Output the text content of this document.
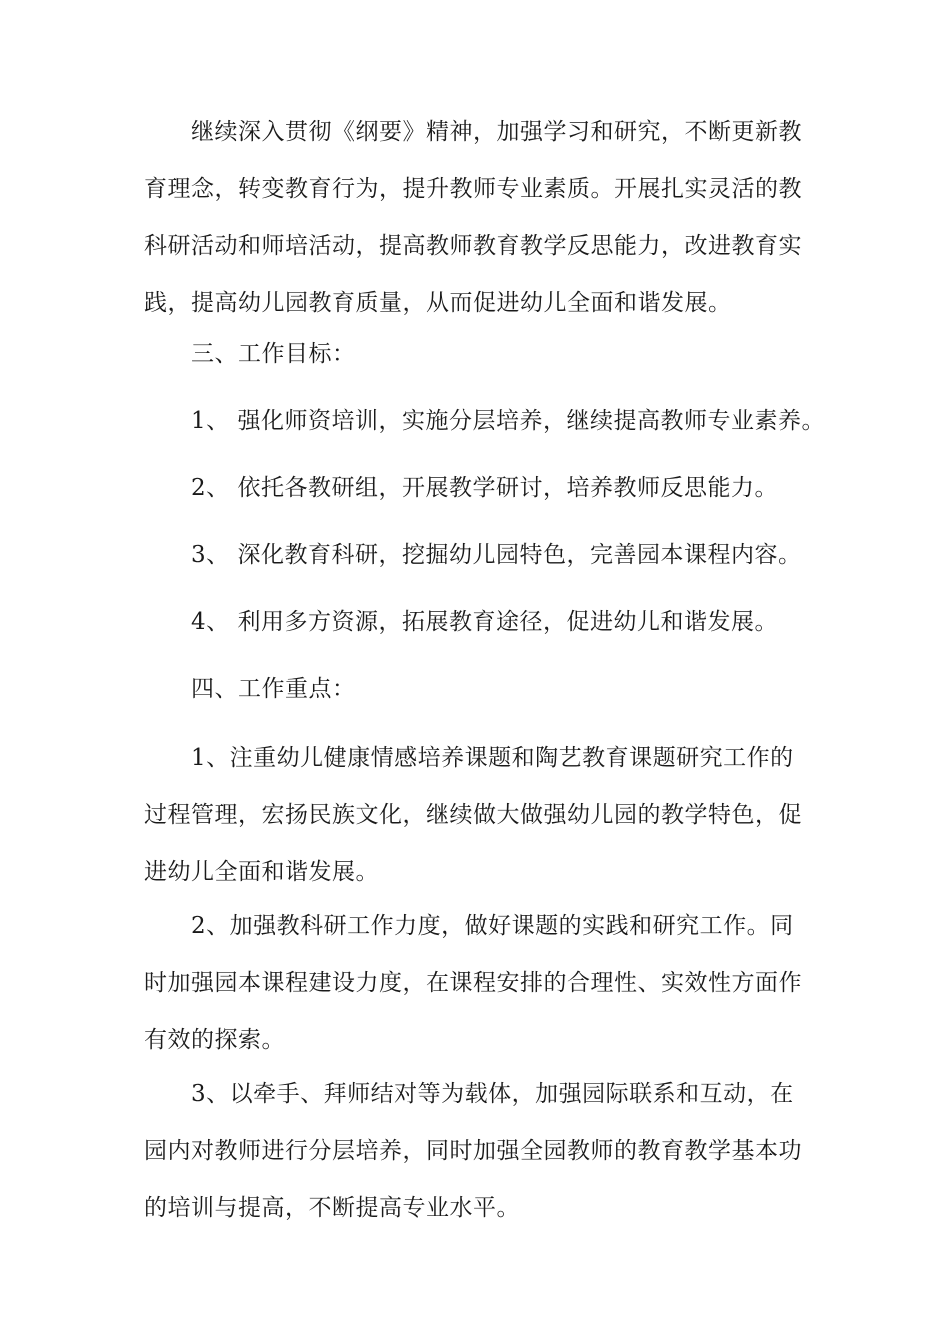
继续深入贯彻《纲要》精神，加强学习和研究，不断更新教
育理念，转变教育行为，提升教师专业素质。开展扎实灵活的教
科研活动和师培活动，提高教师教育教学反思能力，改进教育实
践，提高幼儿园教育质量，从而促进幼儿全面和谐发展。
三、工作目标：
1、 强化师资培训，实施分层培养，继续提高教师专业素养。
2、 依托各教研组，开展教学研讨，培养教师反思能力。
3、 深化教育科研，挖掘幼儿园特色，完善园本课程内容。
4、 利用多方资源，拓展教育途径，促进幼儿和谐发展。
四、工作重点：
1、注重幼儿健康情感培养课题和陶艺教育课题研究工作的
过程管理，宏扬民族文化，继续做大做强幼儿园的教学特色，促
进幼儿全面和谐发展。
2、加强教科研工作力度，做好课题的实践和研究工作。同
时加强园本课程建设力度，在课程安排的合理性、实效性方面作
有效的探索。
3、以牵手、拜师结对等为载体，加强园际联系和互动，在
园内对教师进行分层培养，同时加强全园教师的教育教学基本功
的培训与提高，不断提高专业水平。
